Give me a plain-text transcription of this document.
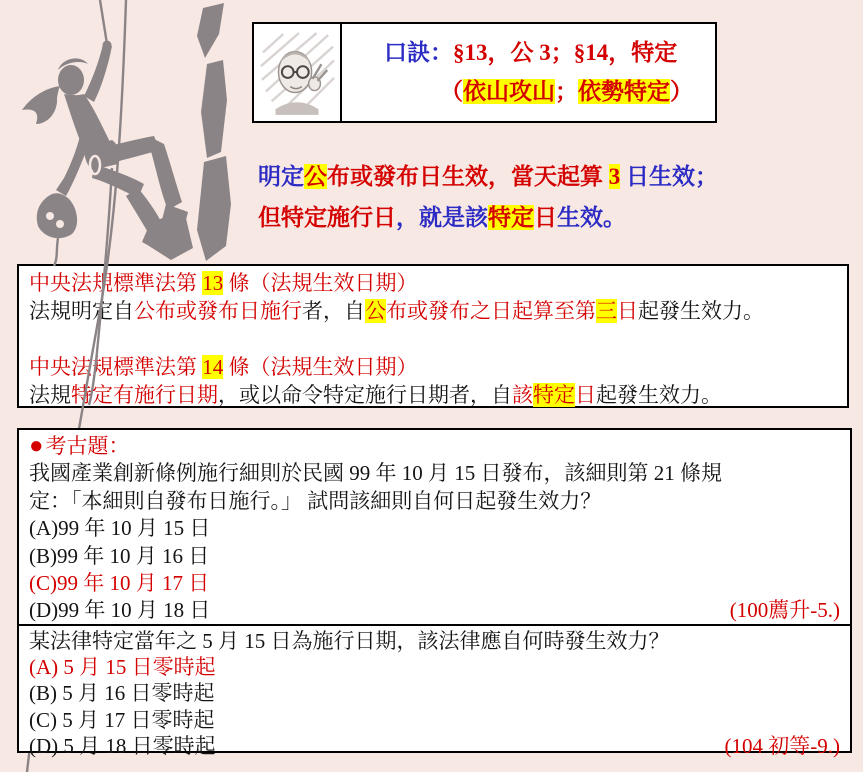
口訣：§13，公 3；§14，特定
（依山攻山；依勢特定）
明定公布或發布日生效，當天起算 3 日生效；
但特定施行日，就是該特定日生效。
中央法規標準法第 13 條（法規生效日期）
法規明定自公布或發布日施行者，自公布或發布之日起算至第三日起發生效力。
中央法規標準法第 14 條（法規生效日期）
法規特定有施行日期，或以命令特定施行日期者，自該特定日起發生效力。
●考古題：
我國產業創新條例施行細則於民國 99 年 10 月 15 日發布，該細則第 21 條規
定：「本細則自發布日施行。」 試問該細則自何日起發生效力？
(A)99 年 10 月 15 日
(B)99 年 10 月 16 日
(C)99 年 10 月 17 日
(D)99 年 10 月 18 日	(100薦升-5.)
某法律特定當年之 5 月 15 日為施行日期，該法律應自何時發生效力？
(A) 5 月 15 日零時起
(B) 5 月 16 日零時起
(C) 5 月 17 日零時起
(D) 5 月 18 日零時起	(104 初等-9.)
